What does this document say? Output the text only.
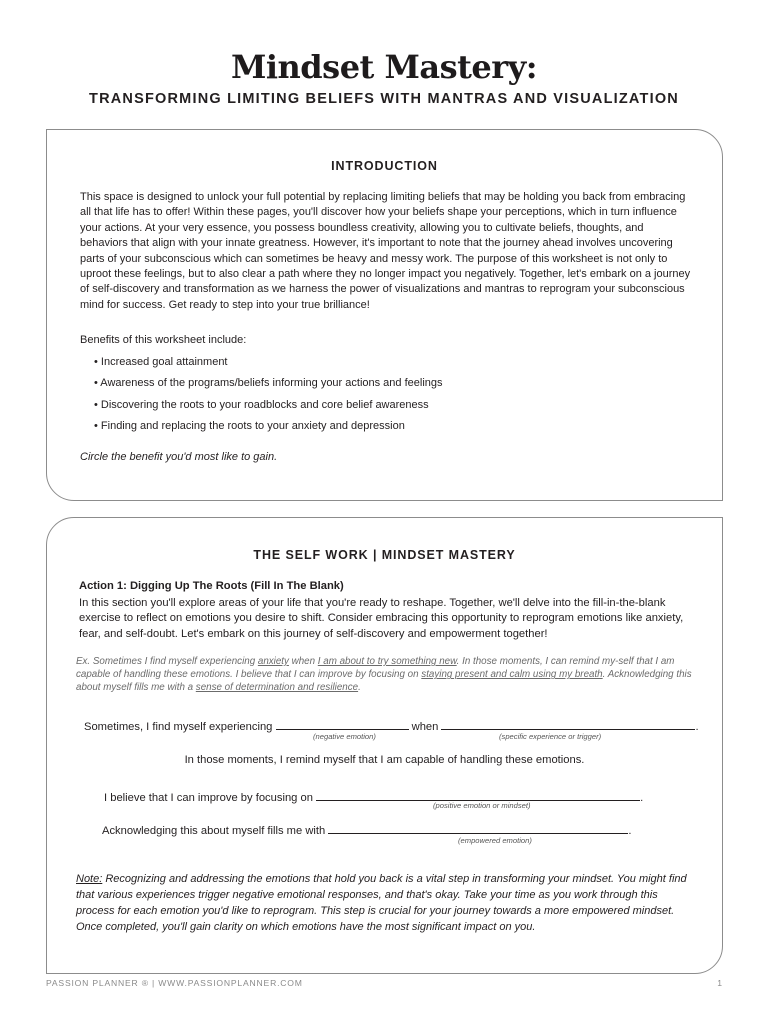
Mindset Mastery:
TRANSFORMING LIMITING BELIEFS WITH MANTRAS AND VISUALIZATION
INTRODUCTION

This space is designed to unlock your full potential by replacing limiting beliefs that may be holding you back from embracing all that life has to offer! Within these pages, you'll discover how your beliefs shape your perceptions, which in turn influence your actions. At your very essence, you possess boundless creativity, allowing you to cultivate beliefs, thoughts, and behaviors that align with your innate greatness. However, it's important to note that the journey ahead involves uncovering parts of your subconscious which can sometimes be heavy and messy work. The purpose of this worksheet is not only to uproot these feelings, but to also clear a path where they no longer impact you negatively. Together, let's embark on a journey of self-discovery and transformation as we harness the power of visualizations and mantras to reprogram your subconscious mind for success. Get ready to step into your true brilliance!

Benefits of this worksheet include:
• Increased goal attainment
• Awareness of the programs/beliefs informing your actions and feelings
• Discovering the roots to your roadblocks and core belief awareness
• Finding and replacing the roots to your anxiety and depression
Circle the benefit you'd most like to gain.
THE SELF WORK | MINDSET MASTERY
Action 1: Digging Up The Roots (Fill In The Blank)

In this section you'll explore areas of your life that you're ready to reshape. Together, we'll delve into the fill-in-the-blank exercise to reflect on emotions you desire to shift. Consider embracing this opportunity to reprogram emotions like anxiety, fear, and self-doubt. Let's embark on this journey of self-discovery and empowerment together!

Ex. Sometimes I find myself experiencing anxiety when I am about to try something new. In those moments, I can remind my-self that I am capable of handling these emotions. I believe that I can improve by focusing on staying present and calm using my breath. Acknowledging this about myself fills me with a sense of determination and resilience.

Sometimes, I find myself experiencing	when	.
(negative emotion)	(specific experience or trigger)
In those moments, I remind myself that I am capable of handling these emotions.
I believe that I can improve by focusing on	.
(positive emotion or mindset)
Acknowledging this about myself fills me with	.
(empowered emotion)

Note: Recognizing and addressing the emotions that hold you back is a vital step in transforming your mindset. You might find that various experiences trigger negative emotional responses, and that's okay. Take your time as you work through this process for each emotion you'd like to reprogram. This step is crucial for your journey towards a more empowered mindset. Once completed, you'll gain clarity on which emotions have the most significant impact on you.

PASSION PLANNER ® | WWW.PASSIONPLANNER.COM	1
